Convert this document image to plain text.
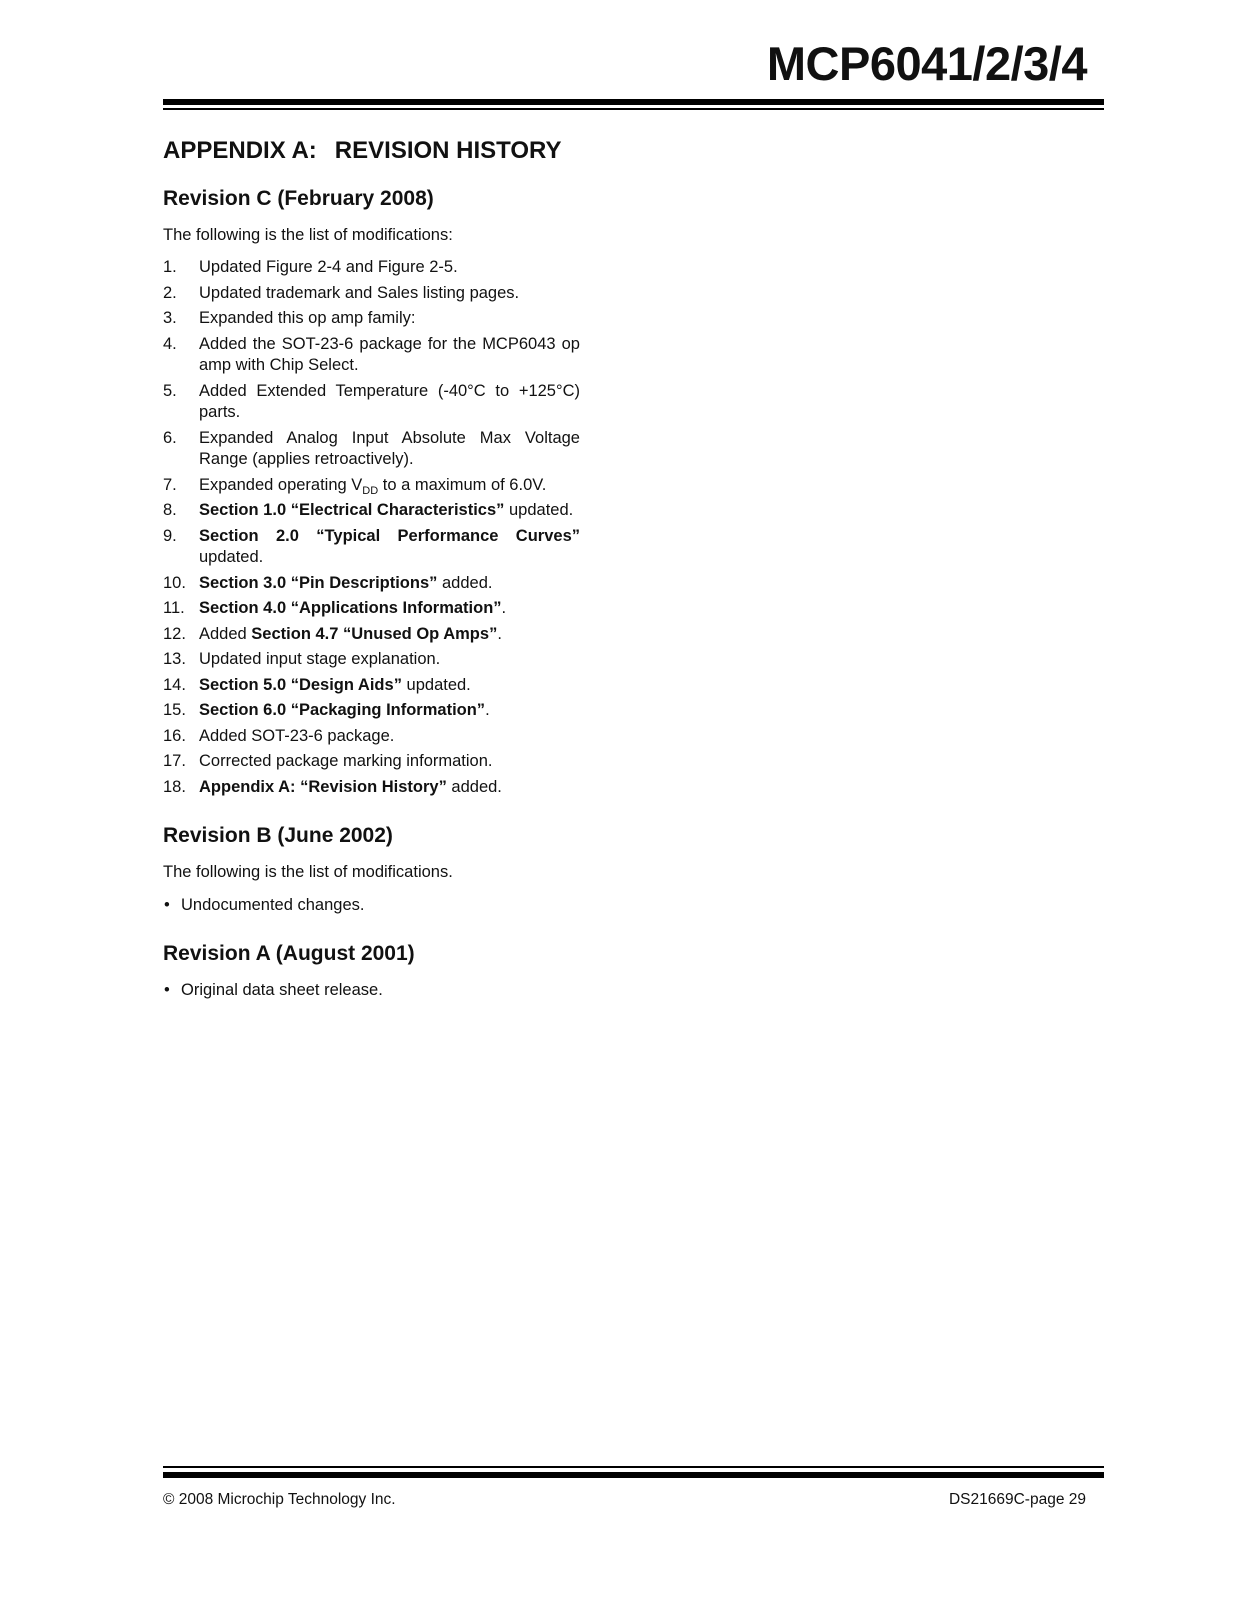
MCP6041/2/3/4
APPENDIX A: REVISION HISTORY
Revision C (February 2008)

The following is the list of modifications:

1. Updated Figure 2-4 and Figure 2-5.
2. Updated trademark and Sales listing pages.
3. Expanded this op amp family:
4. Added the SOT-23-6 package for the MCP6043 op amp with Chip Select.
5. Added Extended Temperature (-40°C to +125°C) parts.
6. Expanded Analog Input Absolute Max Voltage Range (applies retroactively).
7. Expanded operating $V_{DD}$ to a maximum of 6.0V.
8. Section 1.0 “Electrical Characteristics” updated.
9. Section 2.0 “Typical Performance Curves” updated.
10. Section 3.0 “Pin Descriptions” added.
11. Section 4.0 “Applications Information”.
12. Added Section 4.7 “Unused Op Amps”.
13. Updated input stage explanation.
14. Section 5.0 “Design Aids” updated.
15. Section 6.0 “Packaging Information”.
16. Added SOT-23-6 package.
17. Corrected package marking information.
18. Appendix A: “Revision History” added.
Revision B (June 2002)

The following is the list of modifications.

• Undocumented changes.
Revision A (August 2001)
• Original data sheet release.
© 2008 Microchip Technology Inc.	DS21669C-page 29
